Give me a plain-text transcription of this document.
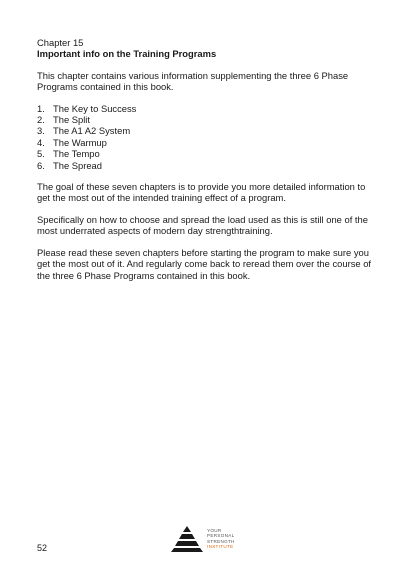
Chapter 15
Important info on the Training Programs

This chapter contains various information supplementing the three 6 Phase Programs contained in this book.

1. The Key to Success
2. The Split
3. The A1 A2 System
4. The Warmup
5. The Tempo
6. The Spread

The goal of these seven chapters is to provide you more detailed information to get the most out of the intended training effect of a program.

Specifically on how to choose and spread the load used as this is still one of the most underrated aspects of modern day strengthtraining.

Please read these seven chapters before starting the program to make sure you get the most out of it. And regularly come back to reread them over the course of the three 6 Phase Programs contained in this book.

52
YOUR
PERSONAL
STRENGTH
INSTITUTE
